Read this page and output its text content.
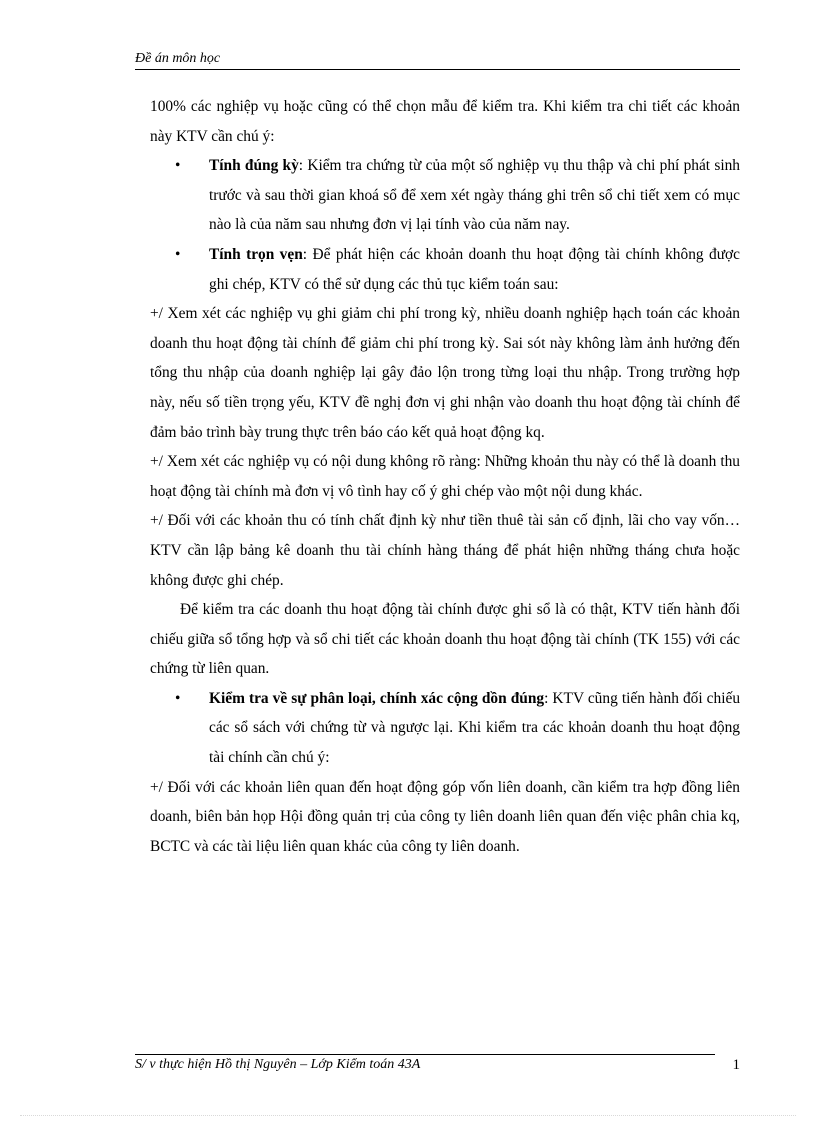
Đề án môn học

100% các nghiệp vụ hoặc cũng có thể chọn mẫu để kiểm tra. Khi kiểm tra chi tiết các khoản này KTV cần chú ý:

• Tính đúng kỳ: Kiểm tra chứng từ của một số nghiệp vụ thu thập và chi phí phát sinh trước và sau thời gian khoá sổ để xem xét ngày tháng ghi trên sổ chi tiết xem có mục nào là của năm sau nhưng đơn vị lại tính vào của năm nay.

• Tính trọn vẹn: Để phát hiện các khoản doanh thu hoạt động tài chính không được ghi chép, KTV có thể sử dụng các thủ tục kiểm toán sau:

+/ Xem xét các nghiệp vụ ghi giảm chi phí trong kỳ, nhiều doanh nghiệp hạch toán các khoản doanh thu hoạt động tài chính để giảm chi phí trong kỳ. Sai sót này không làm ảnh hưởng đến tổng thu nhập của doanh nghiệp lại gây đảo lộn trong từng loại thu nhập. Trong trường hợp này, nếu số tiền trọng yếu, KTV đề nghị đơn vị ghi nhận vào doanh thu hoạt động tài chính để đảm bảo trình bày trung thực trên báo cáo kết quả hoạt động kq.

+/ Xem xét các nghiệp vụ có nội dung không rõ ràng: Những khoản thu này có thể là doanh thu hoạt động tài chính mà đơn vị vô tình hay cố ý ghi chép vào một nội dung khác.

+/ Đối với các khoản thu có tính chất định kỳ như tiền thuê tài sản cố định, lãi cho vay vốn…KTV cần lập bảng kê doanh thu tài chính hàng tháng để phát hiện những tháng chưa hoặc không được ghi chép.

Để kiểm tra các doanh thu hoạt động tài chính được ghi sổ là có thật, KTV tiến hành đối chiếu giữa sổ tổng hợp và sổ chi tiết các khoản doanh thu hoạt động tài chính (TK 155) với các chứng từ liên quan.

• Kiểm tra về sự phân loại, chính xác cộng dồn đúng: KTV cũng tiến hành đối chiếu các sổ sách với chứng từ và ngược lại. Khi kiểm tra các khoản doanh thu hoạt động tài chính cần chú ý:

+/ Đối với các khoản liên quan đến hoạt động góp vốn liên doanh, cần kiểm tra hợp đồng liên doanh, biên bản họp Hội đồng quản trị của công ty liên doanh liên quan đến việc phân chia kq, BCTC và các tài liệu liên quan khác của công ty liên doanh.

S/ v thực hiện Hồ thị Nguyên – Lớp Kiểm toán 43A	1
